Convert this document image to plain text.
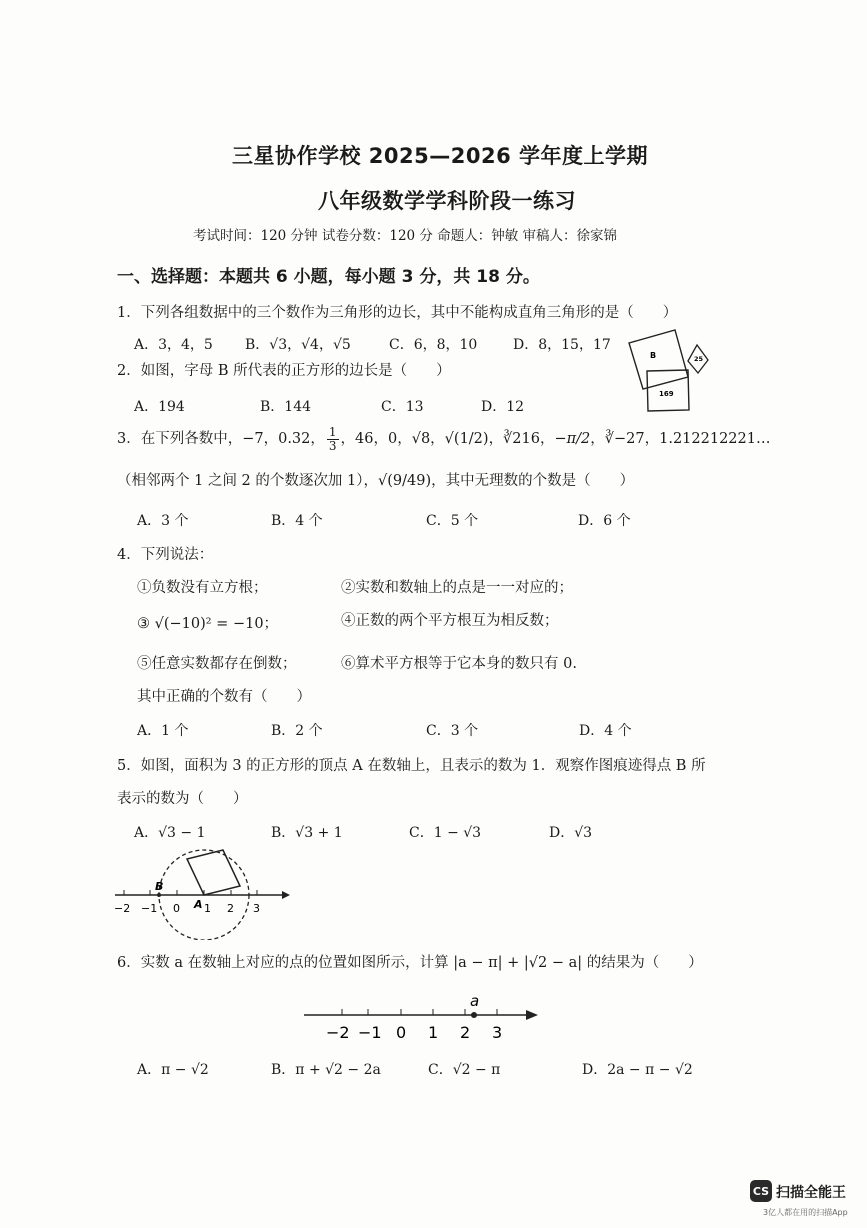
三星协作学校 2025—2026 学年度上学期
八年级数学学科阶段一练习
考试时间：120 分钟 试卷分数：120 分 命题人：钟敏 审稿人：徐家锦
一、选择题：本题共 6 小题，每小题 3 分，共 18 分。
1．下列各组数据中的三个数作为三角形的边长，其中不能构成直角三角形的是（　　）
A．3，4，5 B．√3，√4，√5	C．6，8，10	D．8，15，17
B	25
169
2．如图，字母 B 所代表的正方形的边长是（　　）
A．194	B．144	C．13	D．12
3．在下列各数中，−7，0.32， $\frac{1}{3}$ ，46，0，√8，√(1/2)，∛216，−π/2，∛−27，1.212212221…
（相邻两个 1 之间 2 的个数逐次加 1），√(9/49)，其中无理数的个数是（　　）
A．3 个	B．4 个	C．5 个	D．6 个
4．下列说法：
①负数没有立方根；	②实数和数轴上的点是一一对应的；
③ √(−10)² = −10；	④正数的两个平方根互为相反数；
⑤任意实数都存在倒数；	⑥算术平方根等于它本身的数只有 0.
其中正确的个数有（　　）
A．1 个	B．2 个	C．3 个	D．4 个
5．如图，面积为 3 的正方形的顶点 A 在数轴上，且表示的数为 1．观察作图痕迹得点 B 所
表示的数为（　　）
A．√3 − 1	B．√3 + 1	C．1 − √3	D．√3
B
A
−2 −1 0 1 2 3
6．实数 a 在数轴上对应的点的位置如图所示，计算 |a − π| + |√2 − a| 的结果为（　　）
a
−2 −1 0 1 2 3
A．π − √2	B．π + √2 − 2a	C．√2 − π	D．2a − π − √2
CS 扫描全能王
3亿人都在用的扫描App
